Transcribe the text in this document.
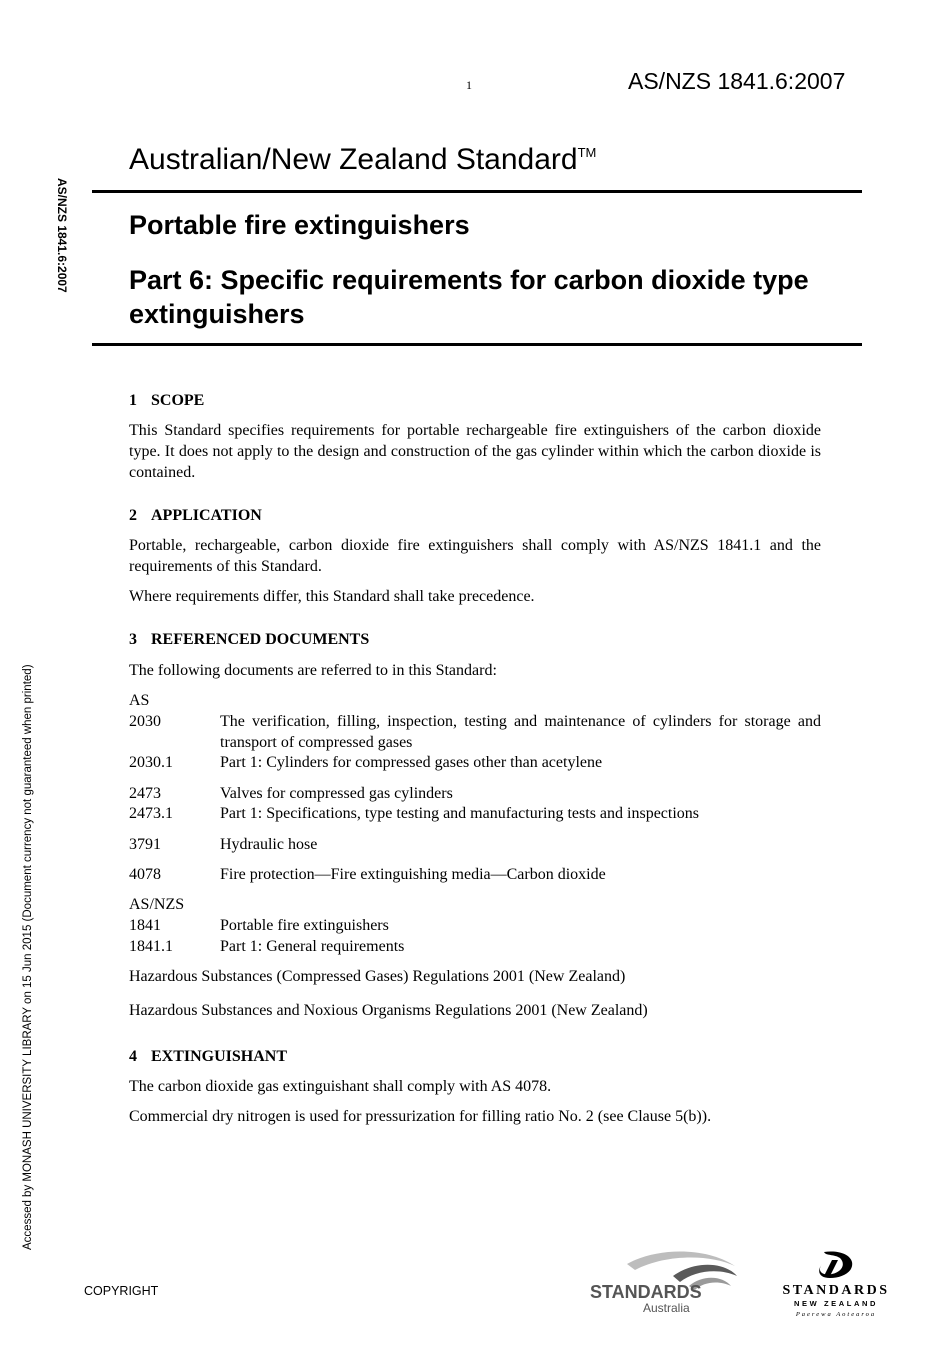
1	AS/NZS 1841.6:2007
AS/NZS 1841.6:2007
Accessed by MONASH UNIVERSITY LIBRARY on 15 Jun 2015 (Document currency not guaranteed when printed)
Australian/New Zealand Standard™
Portable fire extinguishers
Part 6: Specific requirements for carbon dioxide type extinguishers
1 SCOPE
This Standard specifies requirements for portable rechargeable fire extinguishers of the carbon dioxide type. It does not apply to the design and construction of the gas cylinder within which the carbon dioxide is contained.
2 APPLICATION
Portable, rechargeable, carbon dioxide fire extinguishers shall comply with AS/NZS 1841.1 and the requirements of this Standard.
Where requirements differ, this Standard shall take precedence.
3 REFERENCED DOCUMENTS
The following documents are referred to in this Standard:
AS
2030	The verification, filling, inspection, testing and maintenance of cylinders for storage and transport of compressed gases
2030.1	Part 1: Cylinders for compressed gases other than acetylene
2473	Valves for compressed gas cylinders
2473.1	Part 1: Specifications, type testing and manufacturing tests and inspections
3791	Hydraulic hose
4078	Fire protection—Fire extinguishing media—Carbon dioxide
AS/NZS
1841	Portable fire extinguishers
1841.1	Part 1: General requirements
Hazardous Substances (Compressed Gases) Regulations 2001 (New Zealand)
Hazardous Substances and Noxious Organisms Regulations 2001 (New Zealand)
4 EXTINGUISHANT
The carbon dioxide gas extinguishant shall comply with AS 4078.
Commercial dry nitrogen is used for pressurization for filling ratio No. 2 (see Clause 5(b)).
COPYRIGHT	STANDARDS
Australia
STANDARDS
NEW ZEALAND
Paerewa Aotearoa
